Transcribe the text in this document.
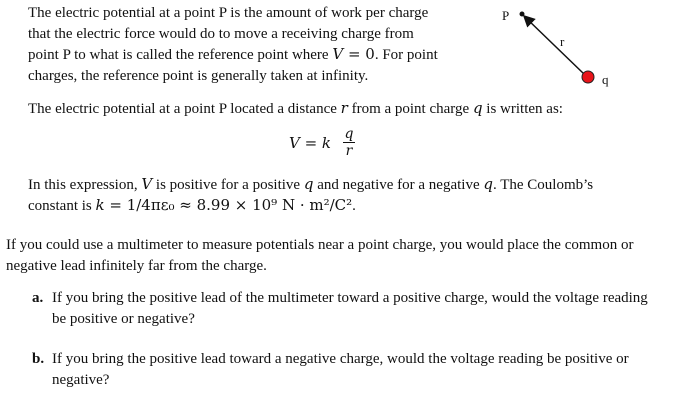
The electric potential at a point P is the amount of work per charge
that the electric force would do to move a receiving charge from
point P to what is called the reference point where V = 0. For point
charges, the reference point is generally taken at infinity.
P
r
q
The electric potential at a point P located a distance r from a point charge q is written as:
V = k q
r
In this expression, V is positive for a positive q and negative for a negative q. The Coulomb’s
constant is k = 1/4πε₀ ≈ 8.99 × 10⁹ N · m²/C².
If you could use a multimeter to measure potentials near a point charge, you would place the common or
negative lead infinitely far from the charge.
a. If you bring the positive lead of the multimeter toward a positive charge, would the voltage reading
be positive or negative?
b. If you bring the positive lead toward a negative charge, would the voltage reading be positive or
negative?
